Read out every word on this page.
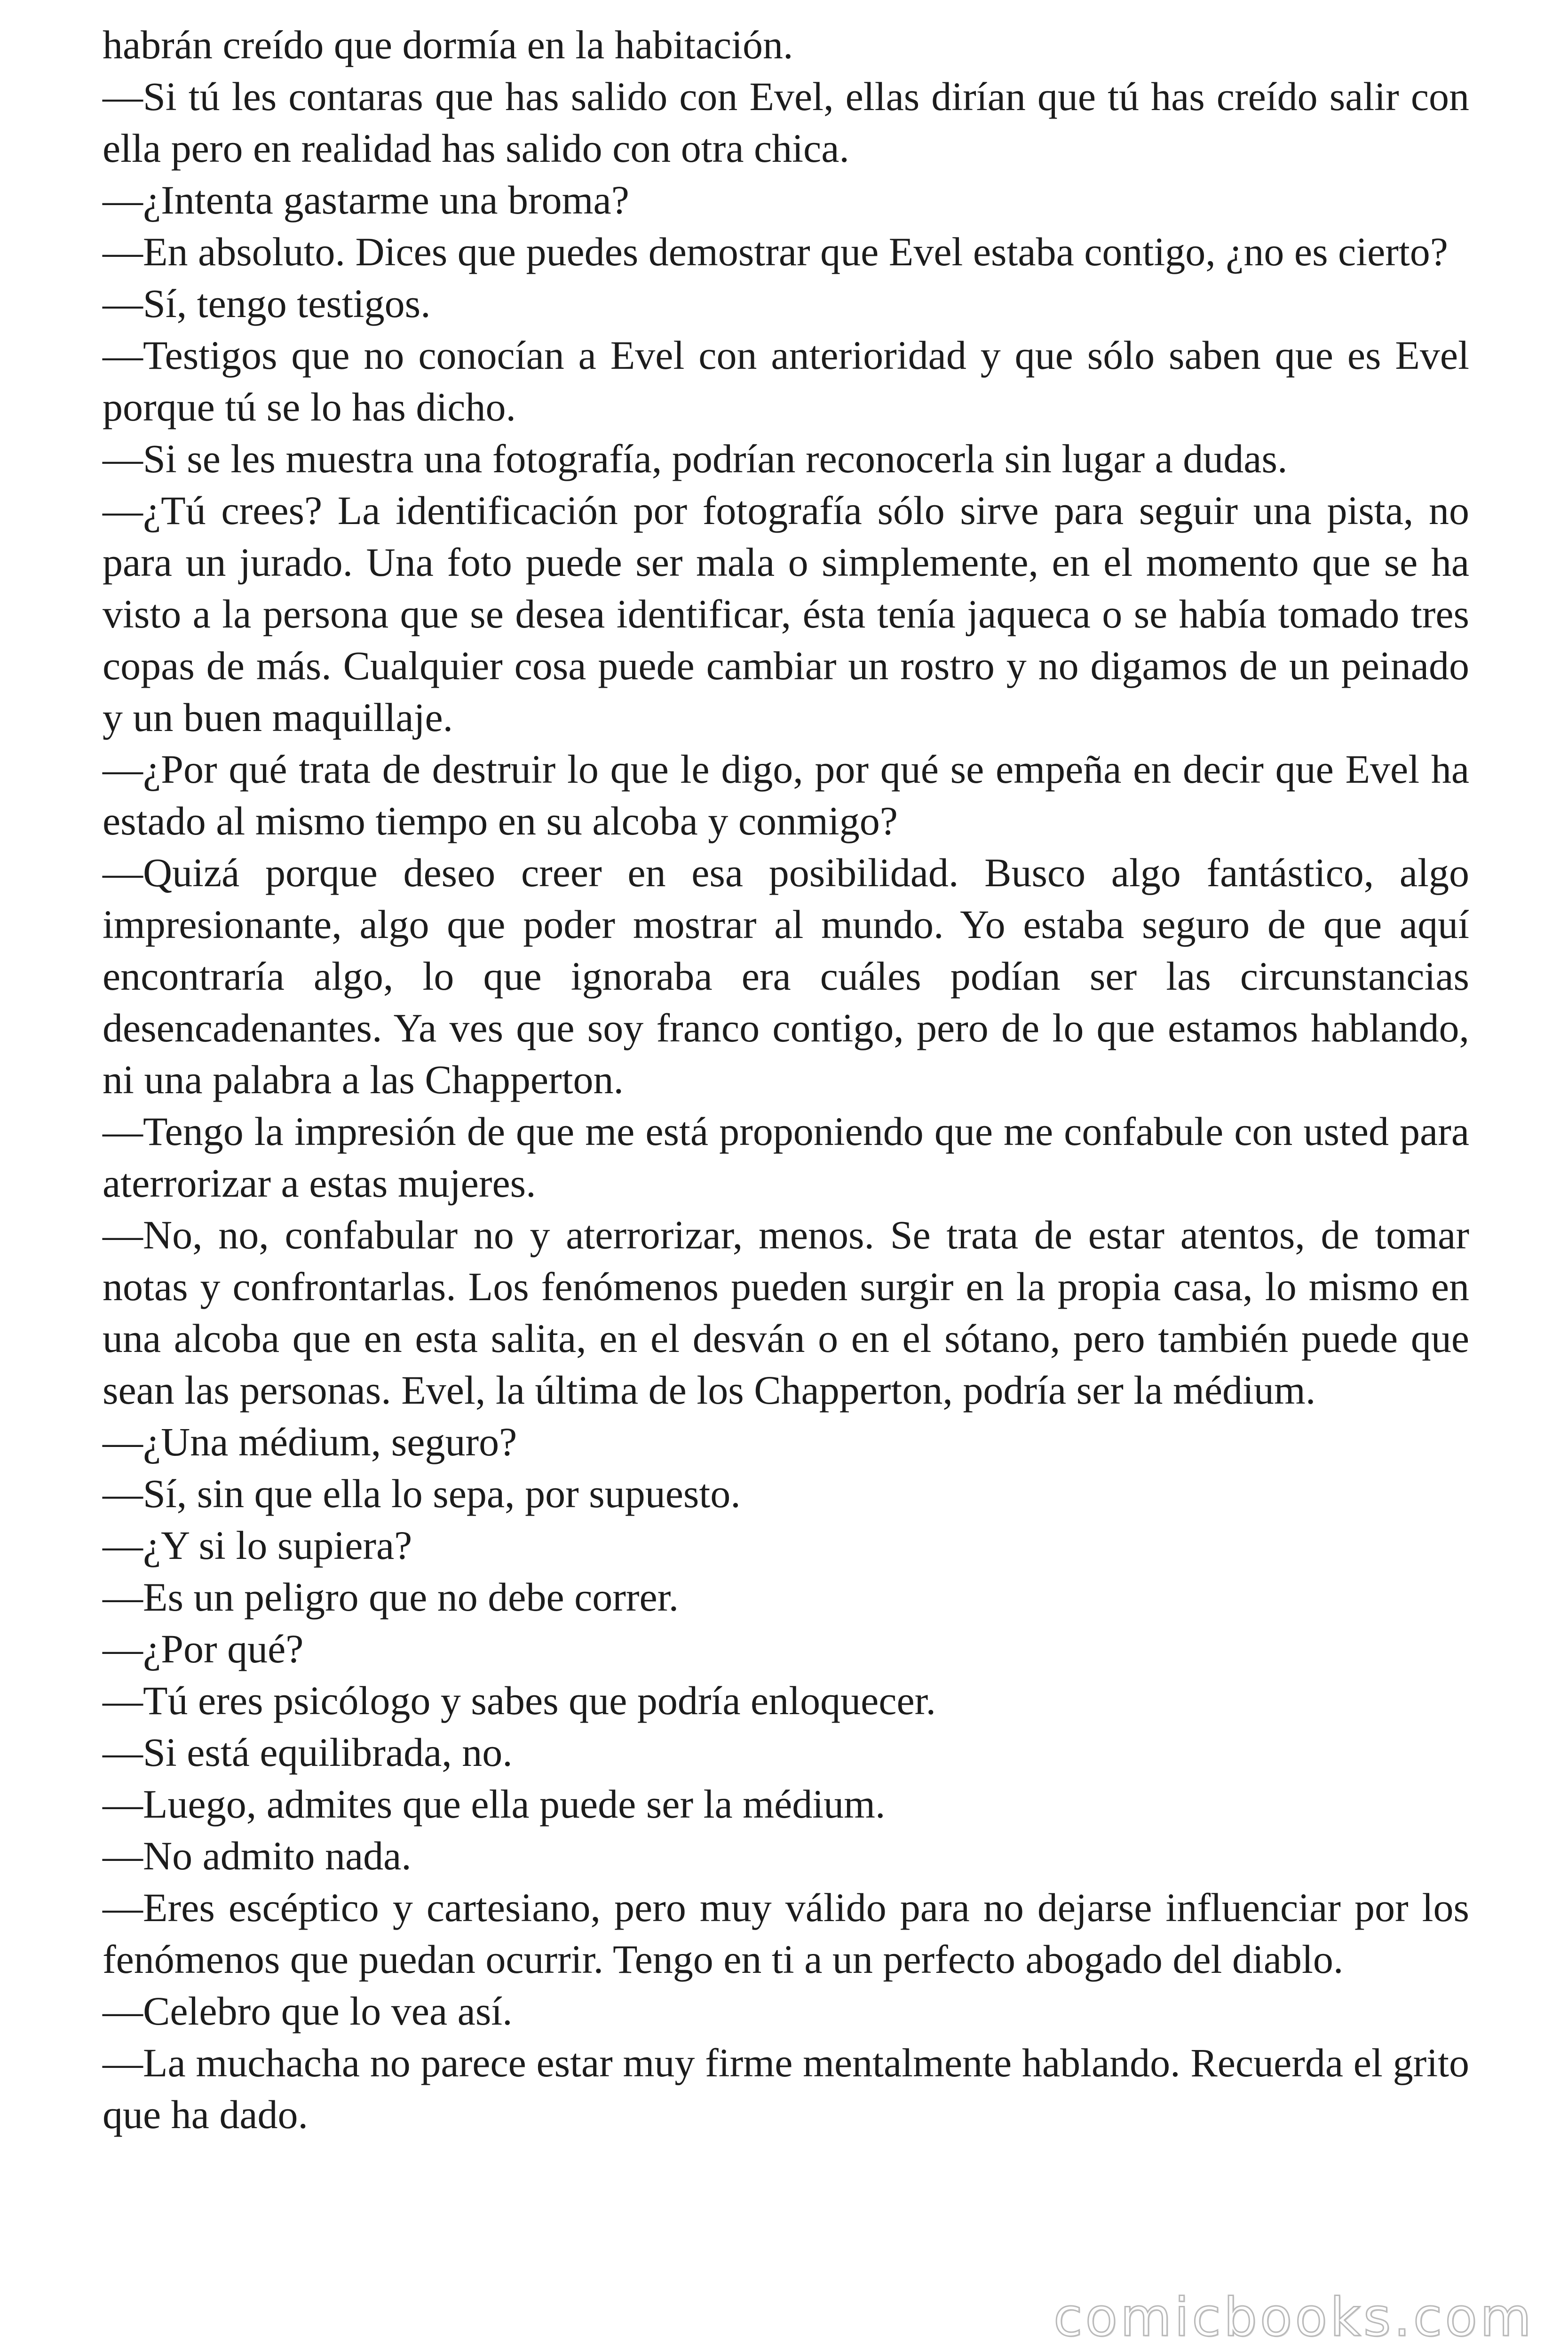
habrán creído que dormía en la habitación.

—Si tú les contaras que has salido con Evel, ellas dirían que tú has creído salir con ella pero en realidad has salido con otra chica.

—¿Intenta gastarme una broma?

—En absoluto. Dices que puedes demostrar que Evel estaba contigo, ¿no es cierto?

—Sí, tengo testigos.

—Testigos que no conocían a Evel con anterioridad y que sólo saben que es Evel porque tú se lo has dicho.

—Si se les muestra una fotografía, podrían reconocerla sin lugar a dudas.

—¿Tú crees? La identificación por fotografía sólo sirve para seguir una pista, no para un jurado. Una foto puede ser mala o simplemente, en el momento que se ha visto a la persona que se desea identificar, ésta tenía jaqueca o se había tomado tres copas de más. Cualquier cosa puede cambiar un rostro y no digamos de un peinado y un buen maquillaje.

—¿Por qué trata de destruir lo que le digo, por qué se empeña en decir que Evel ha estado al mismo tiempo en su alcoba y conmigo?

—Quizá porque deseo creer en esa posibilidad. Busco algo fantástico, algo impresionante, algo que poder mostrar al mundo. Yo estaba seguro de que aquí encontraría algo, lo que ignoraba era cuáles podían ser las circunstancias desencadenantes. Ya ves que soy franco contigo, pero de lo que estamos hablando, ni una palabra a las Chapperton.

—Tengo la impresión de que me está proponiendo que me confabule con usted para aterrorizar a estas mujeres.

—No, no, confabular no y aterrorizar, menos. Se trata de estar atentos, de tomar notas y confrontarlas. Los fenómenos pueden surgir en la propia casa, lo mismo en una alcoba que en esta salita, en el desván o en el sótano, pero también puede que sean las personas. Evel, la última de los Chapperton, podría ser la médium.

—¿Una médium, seguro?

—Sí, sin que ella lo sepa, por supuesto.

—¿Y si lo supiera?

—Es un peligro que no debe correr.

—¿Por qué?

—Tú eres psicólogo y sabes que podría enloquecer.

—Si está equilibrada, no.

—Luego, admites que ella puede ser la médium.

—No admito nada.

—Eres escéptico y cartesiano, pero muy válido para no dejarse influenciar por los fenómenos que puedan ocurrir. Tengo en ti a un perfecto abogado del diablo.

—Celebro que lo vea así.

—La muchacha no parece estar muy firme mentalmente hablando. Recuerda el grito que ha dado.

comicbooks.com
